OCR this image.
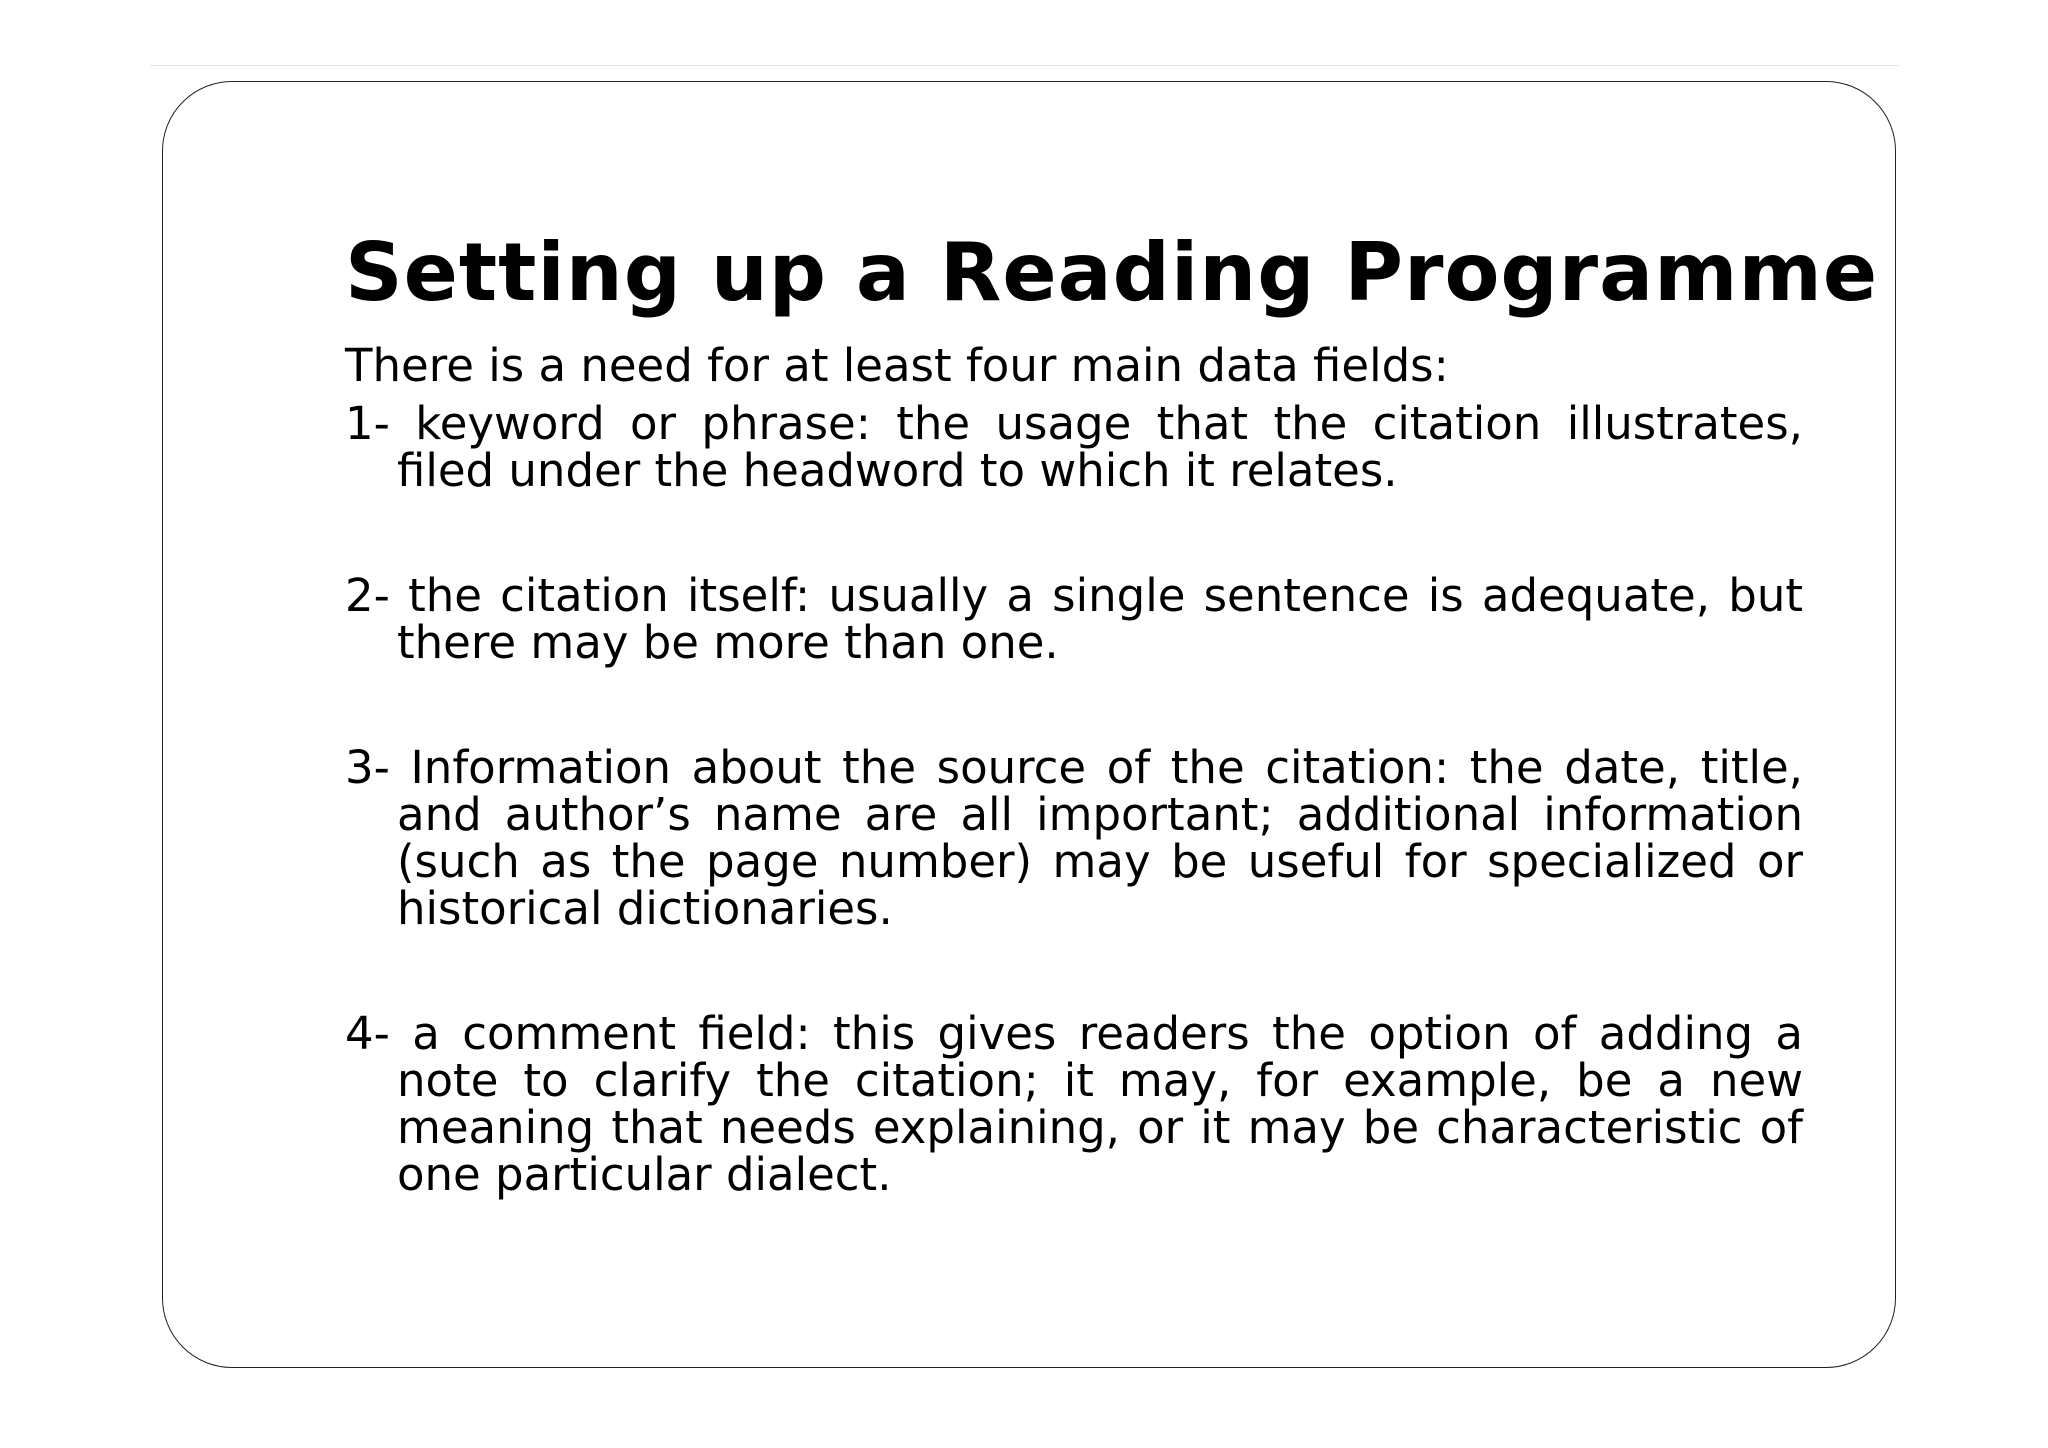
Setting up a Reading Programme

There is a need for at least four main data fields:

1- keyword or phrase: the usage that the citation illustrates, filed under the headword to which it relates.
2- the citation itself: usually a single sentence is adequate, but there may be more than one.
3- Information about the source of the citation: the date, title, and author’s name are all important; additional information (such as the page number) may be useful for specialized or historical dictionaries.
4- a comment field: this gives readers the option of adding a note to clarify the citation; it may, for example, be a new meaning that needs explaining, or it may be characteristic of one particular dialect.
